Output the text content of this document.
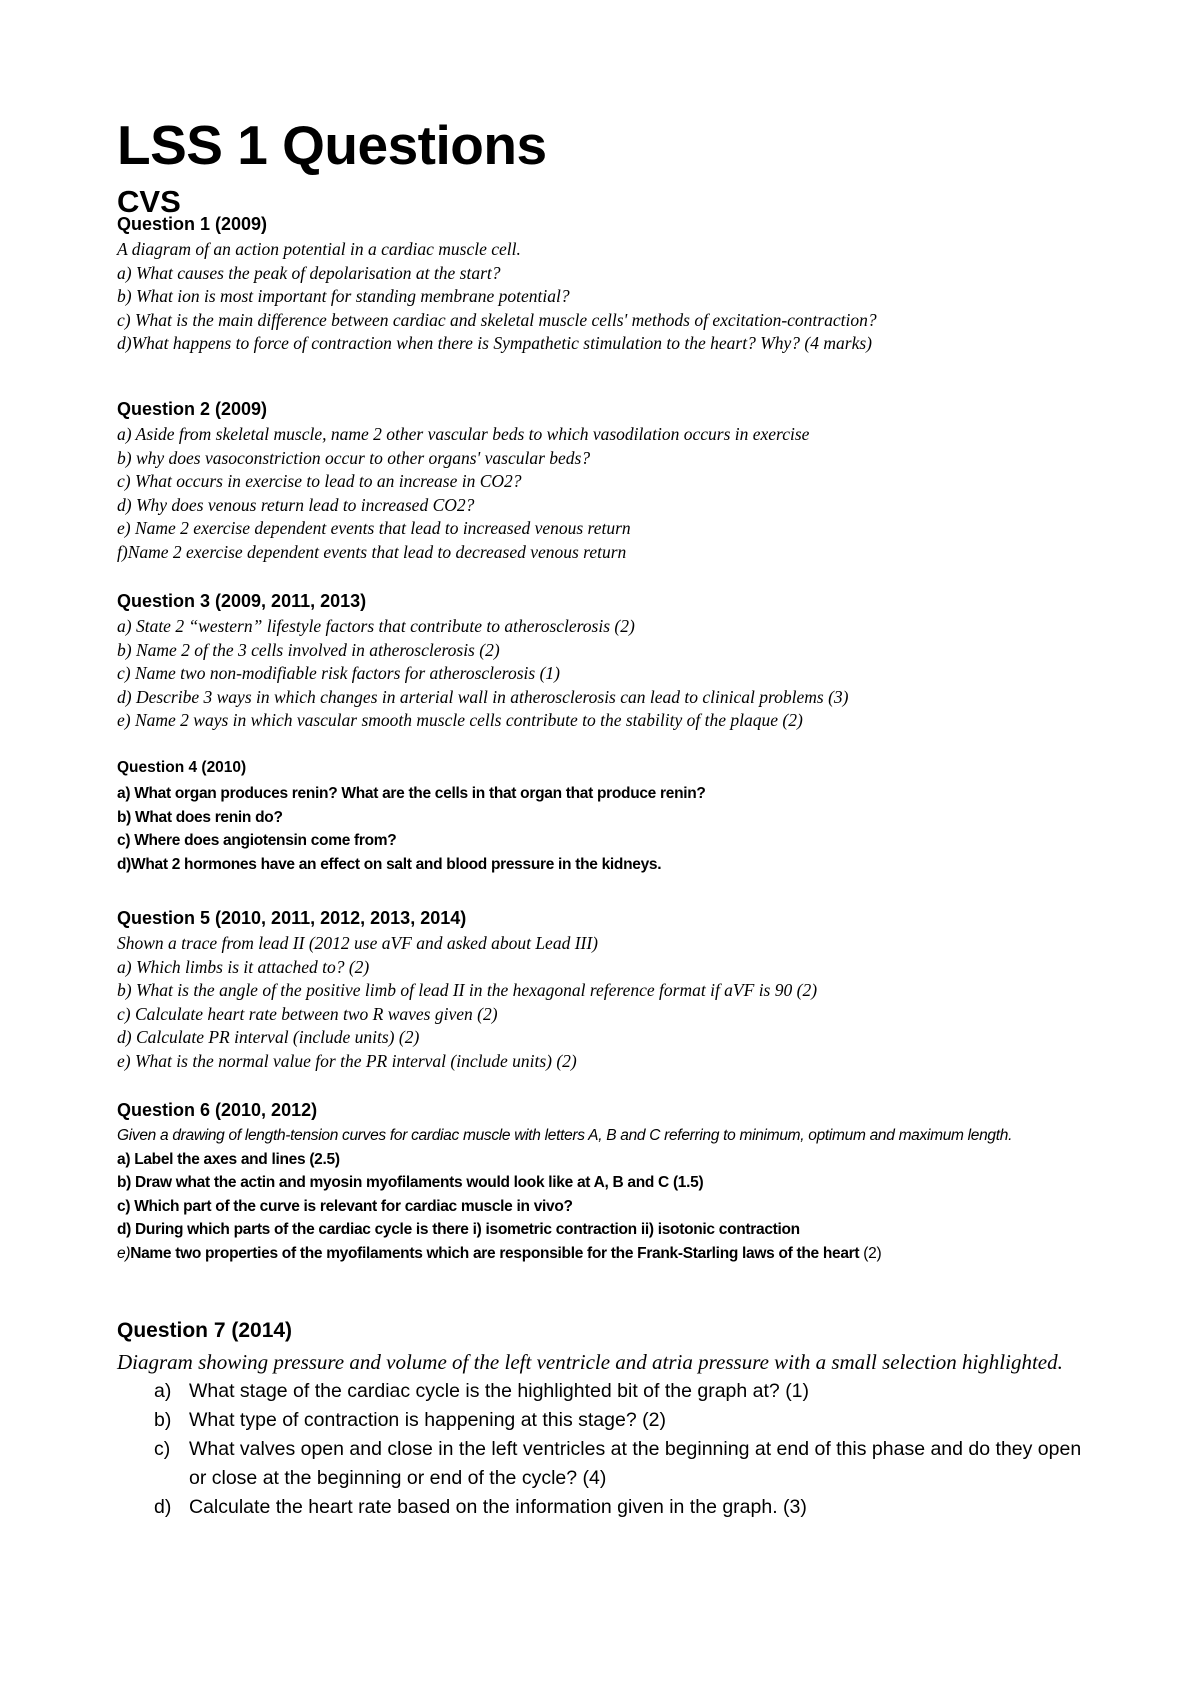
LSS 1 Questions
CVS
Question 1 (2009)
A diagram of an action potential in a cardiac muscle cell.
a) What causes the peak of depolarisation at the start?
b) What ion is most important for standing membrane potential?
c) What is the main difference between cardiac and skeletal muscle cells' methods of excitation-contraction?
d)What happens to force of contraction when there is Sympathetic stimulation to the heart? Why? (4 marks)
Question 2 (2009)
a) Aside from skeletal muscle, name 2 other vascular beds to which vasodilation occurs in exercise
b) why does vasoconstriction occur to other organs' vascular beds?
c) What occurs in exercise to lead to an increase in CO2?
d) Why does venous return lead to increased CO2?
e) Name 2 exercise dependent events that lead to increased venous return
f)Name 2 exercise dependent events that lead to decreased venous return
Question 3 (2009, 2011, 2013)
a) State 2 “western” lifestyle factors that contribute to atherosclerosis (2)
b) Name 2 of the 3 cells involved in atherosclerosis (2)
c) Name two non-modifiable risk factors for atherosclerosis (1)
d) Describe 3 ways in which changes in arterial wall in atherosclerosis can lead to clinical problems (3)
e) Name 2 ways in which vascular smooth muscle cells contribute to the stability of the plaque (2)
Question 4 (2010)
a) What organ produces renin? What are the cells in that organ that produce renin?
b) What does renin do?
c) Where does angiotensin come from?
d)What 2 hormones have an effect on salt and blood pressure in the kidneys.
Question 5 (2010, 2011, 2012, 2013, 2014)
Shown a trace from lead II (2012 use aVF and asked about Lead III)
a) Which limbs is it attached to? (2)
b) What is the angle of the positive limb of lead II in the hexagonal reference format if aVF is 90 (2)
c) Calculate heart rate between two R waves given (2)
d) Calculate PR interval (include units) (2)
e) What is the normal value for the PR interval (include units) (2)
Question 6 (2010, 2012)
Given a drawing of length-tension curves for cardiac muscle with letters A, B and C referring to minimum, optimum and maximum length.
a) Label the axes and lines (2.5)
b) Draw what the actin and myosin myofilaments would look like at A, B and C (1.5)
c) Which part of the curve is relevant for cardiac muscle in vivo?
d) During which parts of the cardiac cycle is there i) isometric contraction ii) isotonic contraction
e)Name two properties of the myofilaments which are responsible for the Frank-Starling laws of the heart (2)
Question 7 (2014)
Diagram showing pressure and volume of the left ventricle and atria pressure with a small selection highlighted.
a) What stage of the cardiac cycle is the highlighted bit of the graph at? (1)
b) What type of contraction is happening at this stage? (2)
c) What valves open and close in the left ventricles at the beginning at end of this phase and do they open or close at the beginning or end of the cycle? (4)
d) Calculate the heart rate based on the information given in the graph. (3)
